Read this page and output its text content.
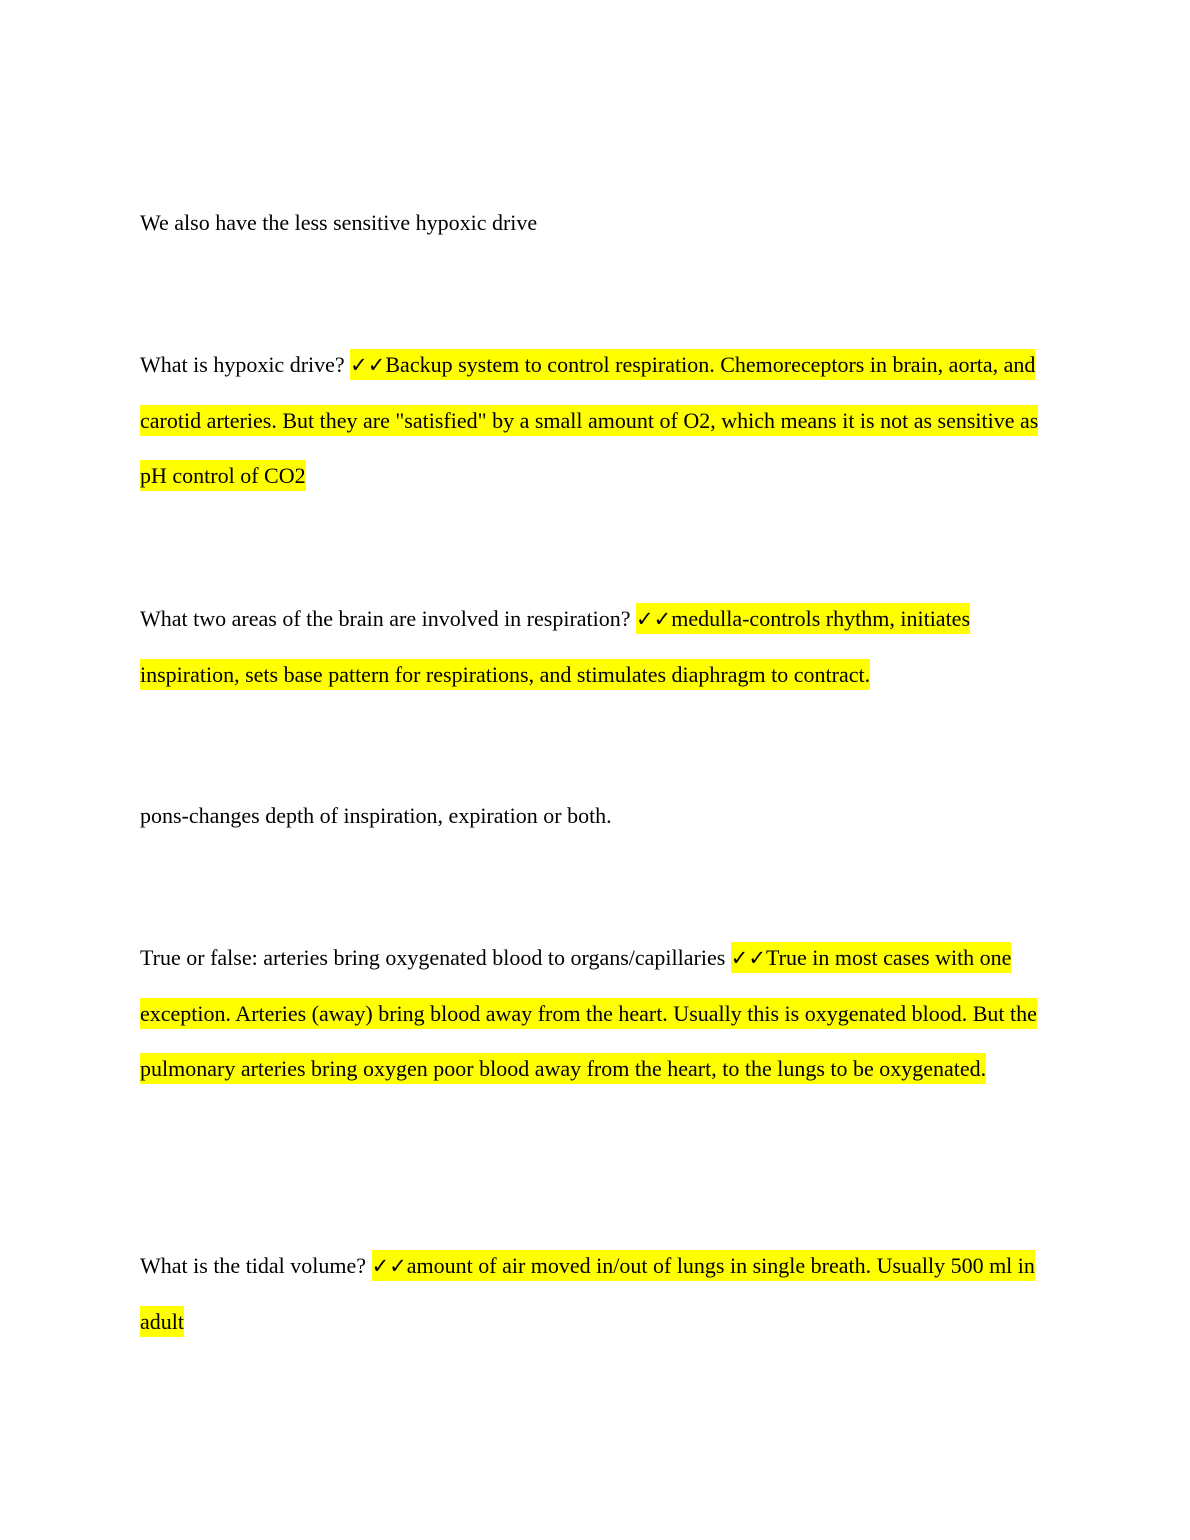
We also have the less sensitive hypoxic drive

What is hypoxic drive? ✓✓Backup system to control respiration. Chemoreceptors in brain, aorta, and carotid arteries. But they are "satisfied" by a small amount of O2, which means it is not as sensitive as pH control of CO2

What two areas of the brain are involved in respiration? ✓✓medulla-controls rhythm, initiates inspiration, sets base pattern for respirations, and stimulates diaphragm to contract.

pons-changes depth of inspiration, expiration or both.

True or false: arteries bring oxygenated blood to organs/capillaries ✓✓True in most cases with one exception. Arteries (away) bring blood away from the heart. Usually this is oxygenated blood. But the pulmonary arteries bring oxygen poor blood away from the heart, to the lungs to be oxygenated.

What is the tidal volume? ✓✓amount of air moved in/out of lungs in single breath. Usually 500 ml in adult
